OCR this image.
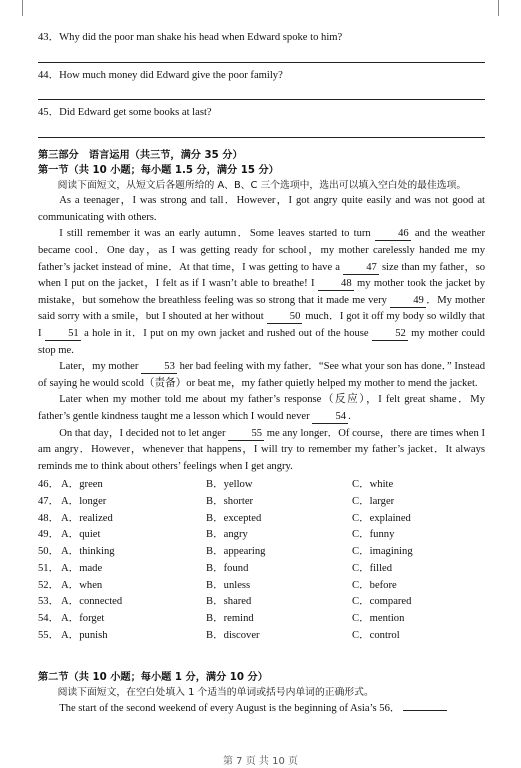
43．Why did the poor man shake his head when Edward spoke to him?

44．How much money did Edward give the poor family?

45．Did Edward get some books at last?

第三部分　语言运用（共三节，满分 35 分）

第一节（共 10 小题；每小题 1.5 分，满分 15 分）

阅读下面短文，从短文后各题所给的 A、B、C 三个选项中，选出可以填入空白处的最佳选项。

As a teenager，I was strong and tall．However，I got angry quite easily and was not good at communicating with others.

I still remember it was an early autumn．Some leaves started to turn	46 and the weather became cool．One day，as I was getting ready for school，my mother carelessly handed me my father’s jacket instead of mine．At that time，I was getting to have a 47 size than my father，so when I put on the jacket，I felt as if I wasn’t able to breathe! I	48 my mother took the jacket by mistake，but somehow the breathless feeling was so strong that it made me very 49 ．My mother said sorry with a smile，but I shouted at her without 50 much．I got it off my body so wildly that I	51 a hole in it．I put on my own jacket and rushed out of the house	52 my mother could stop me.

Later，my mother 53 her bad feeling with my father．“See what your son has done．” Instead of saying he would scold（责备）or beat me，my father quietly helped my mother to mend the jacket.

Later when my mother told me about my father’s response（反应），I felt great shame．My father’s gentle kindness taught me a lesson which I would never 54 .

On that day，I decided not to let anger 55 me any longer．Of course，there are times when I am angry．However，whenever that happens，I will try to remember my father’s jacket．It always reminds me to think about others’ feelings when I get angry.

46． A．green	B．yellow	C．white
47． A．longer	B．shorter	C．larger
48． A．realized	B．excepted	C．explained
49． A．quiet	B．angry	C．funny
50． A．thinking	B．appearing	C．imagining
51． A．made	B．found	C．filled
52． A．when	B．unless	C．before
53． A．connected	B．shared	C．compared
54． A．forget	B．remind	C．mention
55． A．punish	B．discover	C．control

第二节（共 10 小题；每小题 1 分，满分 10 分）

阅读下面短文，在空白处填入 1 个适当的单词或括号内单词的正确形式。

The start of the second weekend of every August is the beginning of Asia’s 56．

第 7 页 共 10 页
